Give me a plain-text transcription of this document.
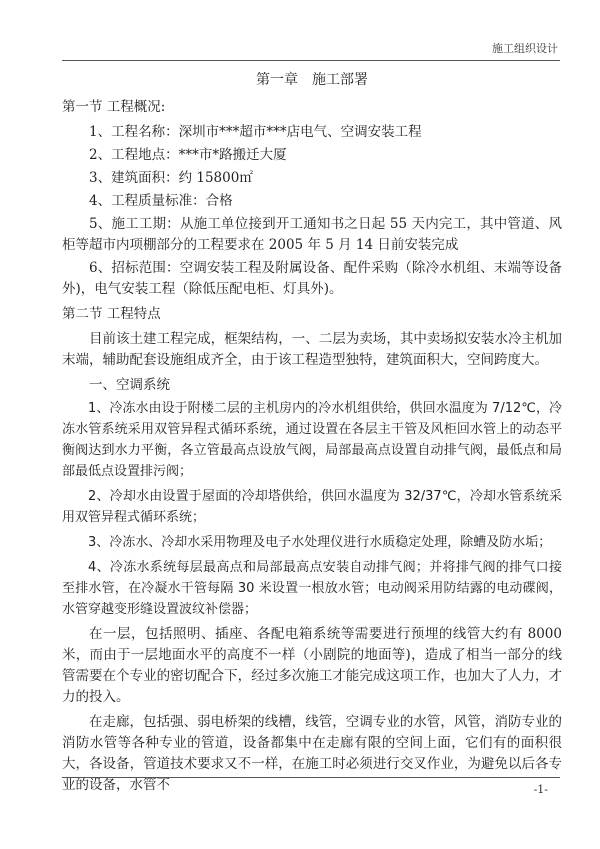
施工组织设计

第一章　施工部署

第一节 工程概况:

1、工程名称：深圳市***超市***店电气、空调安装工程

2、工程地点：***市*路搬迁大厦

3、建筑面积：约 15800㎡

4、工程质量标准：合格

5、施工工期：从施工单位接到开工通知书之日起 55 天内完工，其中管道、风柜等超市内项棚部分的工程要求在 2005 年 5 月 14 日前安装完成

6、招标范围：空调安装工程及附属设备、配件采购（除冷水机组、末端等设备外)，电气安装工程（除低压配电柜、灯具外)。

第二节 工程特点

目前该土建工程完成，框架结构，一、二层为卖场，其中卖场拟安装水冷主机加末端，辅助配套设施组成齐全，由于该工程造型独特，建筑面积大，空间跨度大。

一、空调系统

1、冷冻水由设于附楼二层的主机房内的冷水机组供给，供回水温度为 7/12℃，冷冻水管系统采用双管异程式循环系统，通过设置在各层主干管及风柜回水管上的动态平衡阀达到水力平衡，各立管最高点设放气阀，局部最高点设置自动排气阀，最低点和局部最低点设置排污阀；

2、冷却水由设置于屋面的冷却塔供给，供回水温度为 32/37℃，冷却水管系统采用双管异程式循环系统；

3、冷冻水、冷却水采用物理及电子水处理仪进行水质稳定处理，除螬及防水垢；

4、冷冻水系统每层最高点和局部最高点安装自动排气阀；并将排气阀的排气口接至排水管，在冷凝水干管每隔 30 米设置一根放水管；电动阀采用防结露的电动碟阀，水管穿越变形缝设置波纹补偿器；

在一层，包括照明、插座、各配电箱系统等需要进行预埋的线管大约有 8000 米，而由于一层地面水平的高度不一样（小剧院的地面等)，造成了相当一部分的线管需要在个专业的密切配合下，经过多次施工才能完成这项工作，也加大了人力，才力的投入。

在走廊，包括强、弱电桥架的线槽，线管，空调专业的水管，风管，消防专业的消防水管等各种专业的管道，设备都集中在走廊有限的空间上面，它们有的面积很大，各设备，管道技术要求又不一样，在施工时必须进行交叉作业，为避免以后各专业的设备，水管不	-1-
